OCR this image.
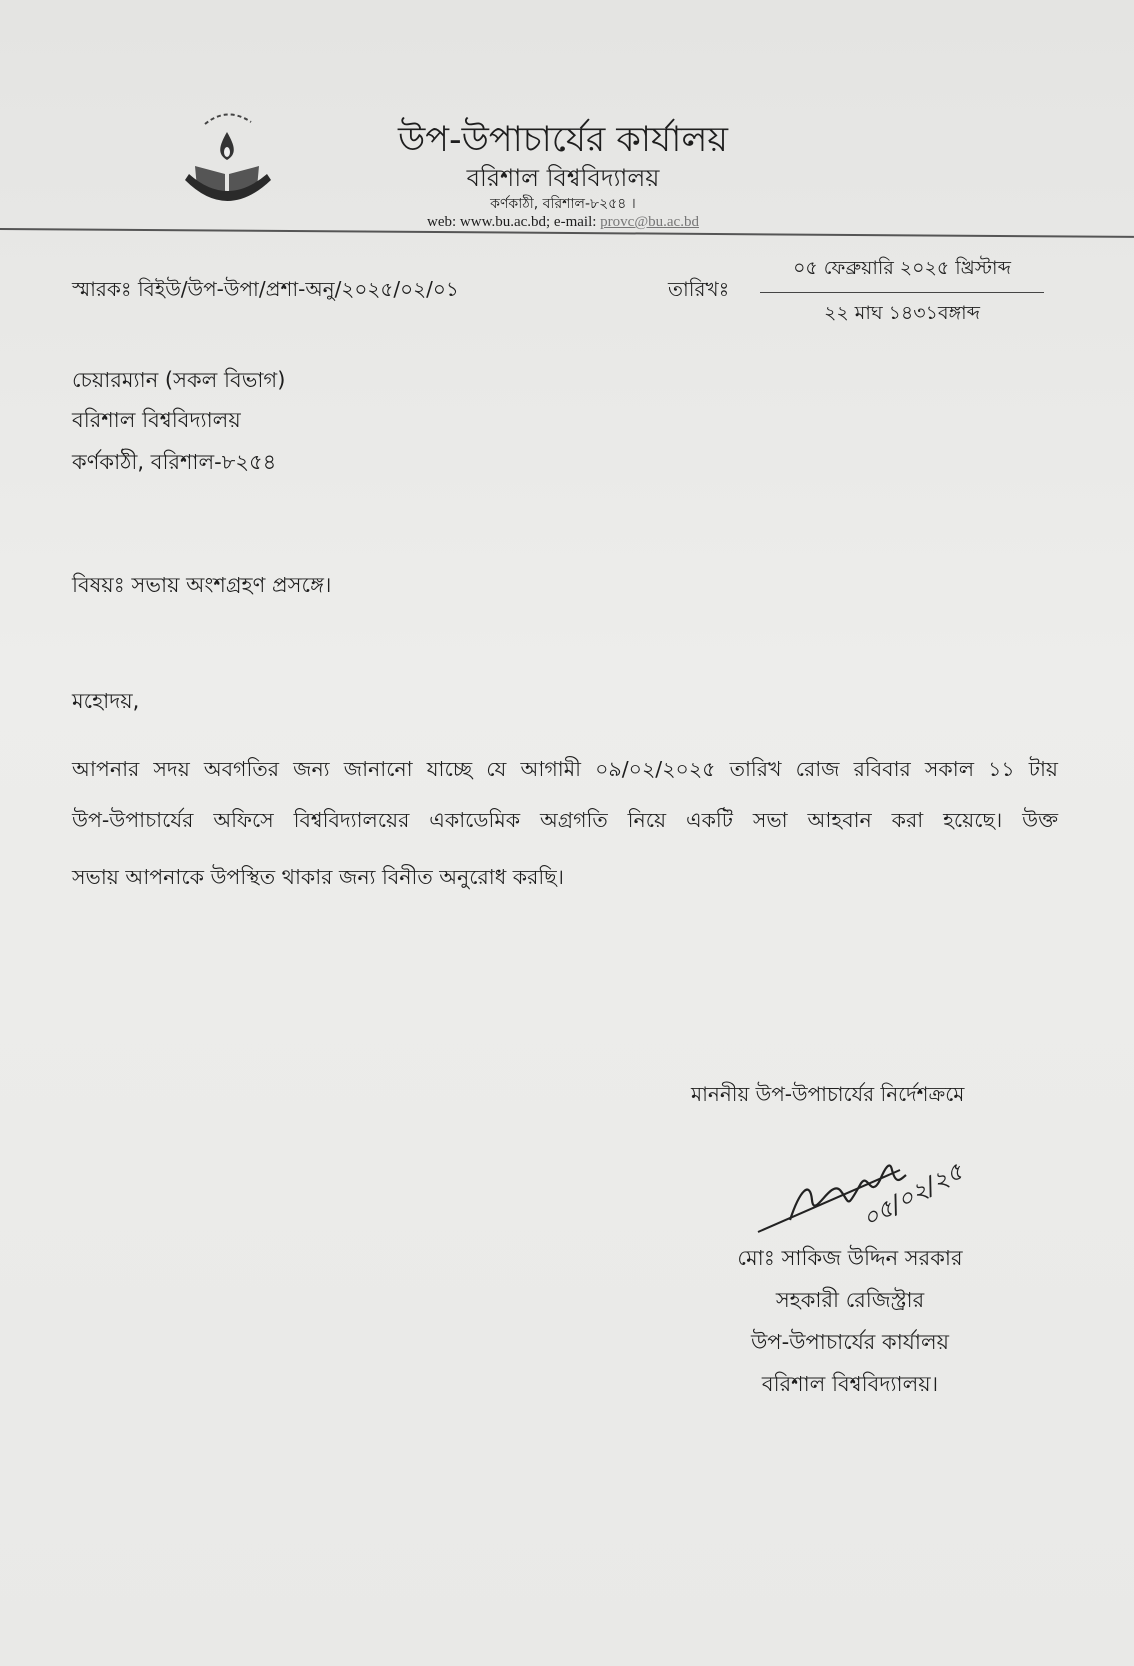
উপ-উপাচার্যের কার্যালয়
বরিশাল বিশ্ববিদ্যালয়
কর্ণকাঠী, বরিশাল-৮২৫৪ ।
web: www.bu.ac.bd; e-mail: provc@bu.ac.bd
স্মারকঃ বিইউ/উপ-উপা/প্রশা-অনু/২০২৫/০২/০১	তারিখঃ
০৫ ফেব্রুয়ারি ২০২৫ খ্রিস্টাব্দ
২২ মাঘ ১৪৩১বঙ্গাব্দ
চেয়ারম্যান (সকল বিভাগ)
বরিশাল বিশ্ববিদ্যালয়
কর্ণকাঠী, বরিশাল-৮২৫৪
বিষয়ঃ সভায় অংশগ্রহণ প্রসঙ্গে।
মহোদয়,
আপনার সদয় অবগতির জন্য জানানো যাচ্ছে যে আগামী ০৯/০২/২০২৫ তারিখ রোজ রবিবার সকাল ১১ টায়
উপ-উপাচার্যের অফিসে বিশ্ববিদ্যালয়ের একাডেমিক অগ্রগতি নিয়ে একটি সভা আহবান করা হয়েছে। উক্ত
সভায় আপনাকে উপস্থিত থাকার জন্য বিনীত অনুরোধ করছি।
মাননীয় উপ-উপাচার্যের নির্দেশক্রমে
০৫/০২/২৫
মোঃ সাকিজ উদ্দিন সরকার
সহকারী রেজিস্ট্রার
উপ-উপাচার্যের কার্যালয়
বরিশাল বিশ্ববিদ্যালয়।
